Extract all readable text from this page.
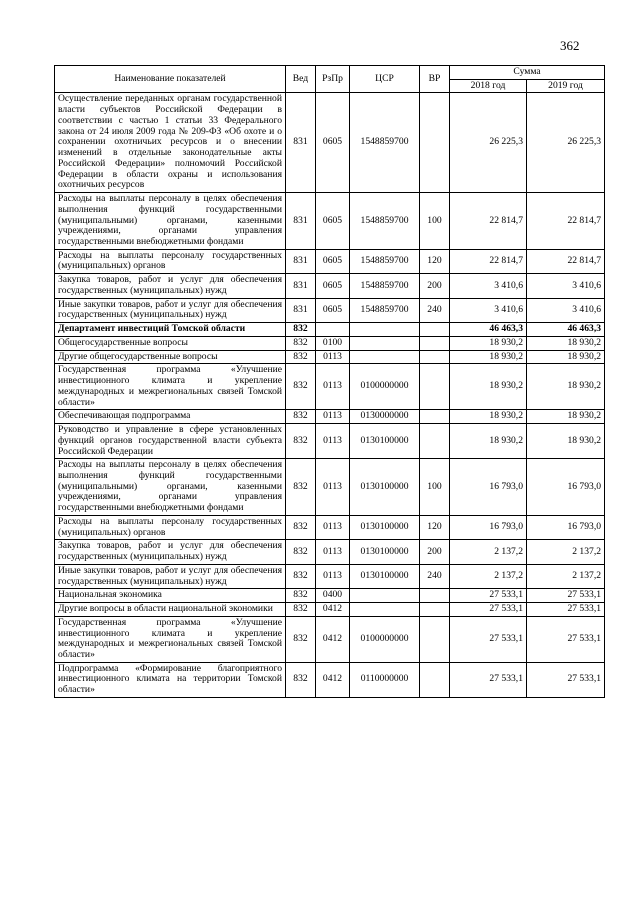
362
Наименование показателей	Вед	РзПр	ЦСР	ВР	Сумма	
					2018 год	2019 год
Осуществление переданных органам государственной власти субъектов Российской Федерации в соответствии с частью 1 статьи 33 Федерального закона от 24 июля 2009 года № 209-ФЗ «Об охоте и о сохранении охотничьих ресурсов и о внесении изменений в отдельные законодательные акты Российской Федерации» полномочий Российской Федерации в области охраны и использования охотничьих ресурсов	831	0605	1548859700		26 225,3	26 225,3
Расходы на выплаты персоналу в целях обеспечения выполнения функций государственными (муниципальными) органами, казенными учреждениями, органами управления государственными внебюджетными фондами	831	0605	1548859700	100	22 814,7	22 814,7
Расходы на выплаты персоналу государственных (муниципальных) органов	831	0605	1548859700	120	22 814,7	22 814,7
Закупка товаров, работ и услуг для обеспечения государственных (муниципальных) нужд	831	0605	1548859700	200	3 410,6	3 410,6
Иные закупки товаров, работ и услуг для обеспечения государственных (муниципальных) нужд	831	0605	1548859700	240	3 410,6	3 410,6
Департамент инвестиций Томской области	832				46 463,3	46 463,3
Общегосударственные вопросы	832	0100			18 930,2	18 930,2
Другие общегосударственные вопросы	832	0113			18 930,2	18 930,2
Государственная программа «Улучшение инвестиционного климата и укрепление международных и межрегиональных связей Томской области»	832	0113	0100000000		18 930,2	18 930,2
Обеспечивающая подпрограмма	832	0113	0130000000		18 930,2	18 930,2
Руководство и управление в сфере установленных функций органов государственной власти субъекта Российской Федерации	832	0113	0130100000		18 930,2	18 930,2
Расходы на выплаты персоналу в целях обеспечения выполнения функций государственными (муниципальными) органами, казенными учреждениями, органами управления государственными внебюджетными фондами	832	0113	0130100000	100	16 793,0	16 793,0
Расходы на выплаты персоналу государственных (муниципальных) органов	832	0113	0130100000	120	16 793,0	16 793,0
Закупка товаров, работ и услуг для обеспечения государственных (муниципальных) нужд	832	0113	0130100000	200	2 137,2	2 137,2
Иные закупки товаров, работ и услуг для обеспечения государственных (муниципальных) нужд	832	0113	0130100000	240	2 137,2	2 137,2
Национальная экономика	832	0400			27 533,1	27 533,1
Другие вопросы в области национальной экономики	832	0412			27 533,1	27 533,1
Государственная программа «Улучшение инвестиционного климата и укрепление международных и межрегиональных связей Томской области»	832	0412	0100000000		27 533,1	27 533,1
Подпрограмма «Формирование благоприятного инвестиционного климата на территории Томской области»	832	0412	0110000000		27 533,1	27 533,1
